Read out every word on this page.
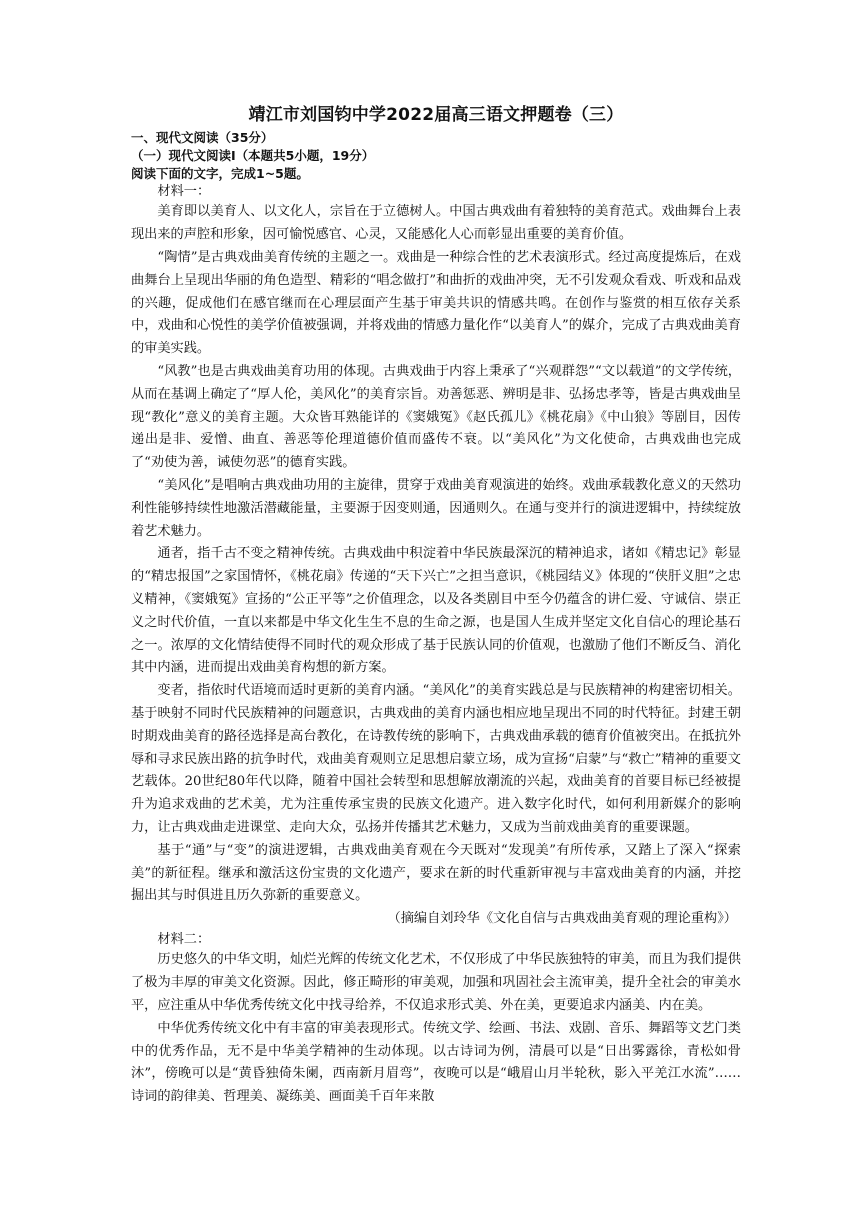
靖江市刘国钧中学2022届高三语文押题卷（三）
一、现代文阅读（35分）
（一）现代文阅读Ⅰ（本题共5小题，19分）
阅读下面的文字，完成1~5题。
材料一：

美育即以美育人、以文化人，宗旨在于立德树人。中国古典戏曲有着独特的美育范式。戏曲舞台上表现出来的声腔和形象，因可愉悦感官、心灵，又能感化人心而彰显出重要的美育价值。

“陶情”是古典戏曲美育传统的主题之一。戏曲是一种综合性的艺术表演形式。经过高度提炼后，在戏曲舞台上呈现出华丽的角色造型、精彩的“唱念做打”和曲折的戏曲冲突，无不引发观众看戏、听戏和品戏的兴趣，促成他们在感官继而在心理层面产生基于审美共识的情感共鸣。在创作与鉴赏的相互依存关系中，戏曲和心悦性的美学价值被强调，并将戏曲的情感力量化作“以美育人”的媒介，完成了古典戏曲美育的审美实践。

“风教”也是古典戏曲美育功用的体现。古典戏曲于内容上秉承了“兴观群怨”“文以载道”的文学传统，从而在基调上确定了“厚人伦，美风化”的美育宗旨。劝善惩恶、辨明是非、弘扬忠孝等，皆是古典戏曲呈现“教化”意义的美育主题。大众皆耳熟能详的《窦娥冤》《赵氏孤儿》《桃花扇》《中山狼》等剧目，因传递出是非、爱憎、曲直、善恶等伦理道德价值而盛传不衰。以“美风化”为文化使命，古典戏曲也完成了“劝使为善，诫使勿恶”的德育实践。

“美风化”是唱响古典戏曲功用的主旋律，贯穿于戏曲美育观演进的始终。戏曲承载教化意义的天然功利性能够持续性地激活潜藏能量，主要源于因变则通，因通则久。在通与变并行的演进逻辑中，持续绽放着艺术魅力。

通者，指千古不变之精神传统。古典戏曲中积淀着中华民族最深沉的精神追求，诸如《精忠记》彰显的“精忠报国”之家国情怀，《桃花扇》传递的“天下兴亡”之担当意识，《桃园结义》体现的“侠肝义胆”之忠义精神，《窦娥冤》宣扬的“公正平等”之价值理念，以及各类剧目中至今仍蕴含的讲仁爱、守诚信、崇正义之时代价值，一直以来都是中华文化生生不息的生命之源，也是国人生成并坚定文化自信心的理论基石之一。浓厚的文化情结使得不同时代的观众形成了基于民族认同的价值观，也激励了他们不断反刍、消化其中内涵，进而提出戏曲美育构想的新方案。

变者，指依时代语境而适时更新的美育内涵。“美风化”的美育实践总是与民族精神的构建密切相关。基于映射不同时代民族精神的问题意识，古典戏曲的美育内涵也相应地呈现出不同的时代特征。封建王朝时期戏曲美育的路径选择是高台教化，在诗教传统的影响下，古典戏曲承载的德育价值被突出。在抵抗外辱和寻求民族出路的抗争时代，戏曲美育观则立足思想启蒙立场，成为宣扬“启蒙”与“救亡”精神的重要文艺载体。20世纪80年代以降，随着中国社会转型和思想解放潮流的兴起，戏曲美育的首要目标已经被提升为追求戏曲的艺术美，尤为注重传承宝贵的民族文化遗产。进入数字化时代，如何利用新媒介的影响力，让古典戏曲走进课堂、走向大众，弘扬并传播其艺术魅力，又成为当前戏曲美育的重要课题。

基于“通”与“变”的演进逻辑，古典戏曲美育观在今天既对“发现美”有所传承，又踏上了深入“探索美”的新征程。继承和激活这份宝贵的文化遗产，要求在新的时代重新审视与丰富戏曲美育的内涵，并挖掘出其与时俱进且历久弥新的重要意义。

（摘编自刘玲华《文化自信与古典戏曲美育观的理论重构》）
材料二：

历史悠久的中华文明，灿烂光辉的传统文化艺术，不仅形成了中华民族独特的审美，而且为我们提供了极为丰厚的审美文化资源。因此，修正畸形的审美观，加强和巩固社会主流审美，提升全社会的审美水平，应注重从中华优秀传统文化中找寻给养，不仅追求形式美、外在美，更要追求内涵美、内在美。

中华优秀传统文化中有丰富的审美表现形式。传统文学、绘画、书法、戏剧、音乐、舞蹈等文艺门类中的优秀作品，无不是中华美学精神的生动体现。以古诗词为例，清晨可以是“日出雾露徐，青松如骨沐”，傍晚可以是“黄昏独倚朱阑，西南新月眉弯”，夜晚可以是“峨眉山月半轮秋，影入平羌江水流”……诗词的韵律美、哲理美、凝练美、画面美千百年来散
